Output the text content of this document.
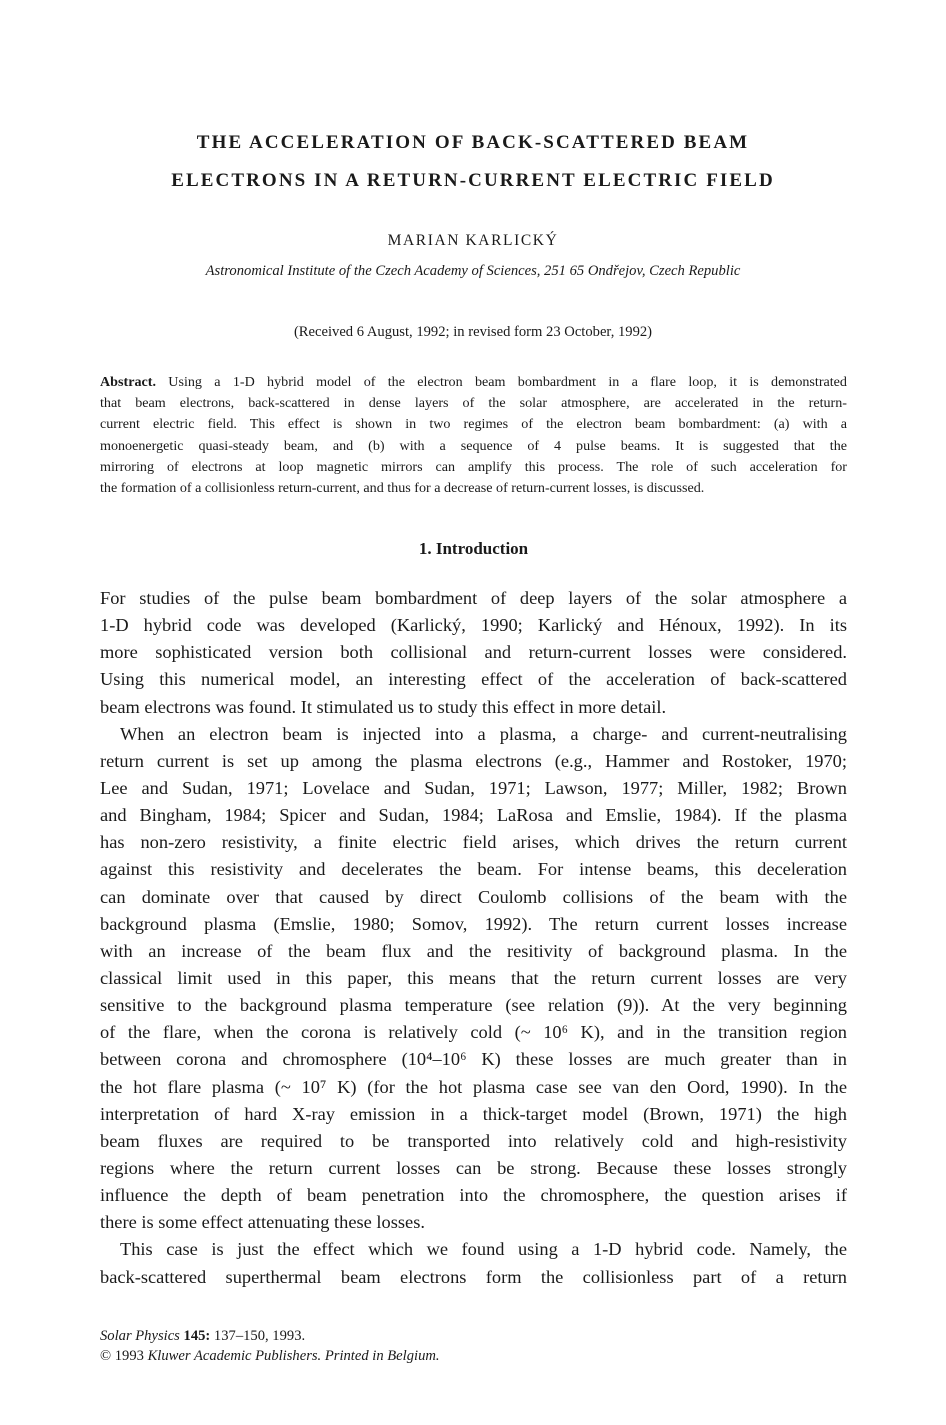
THE ACCELERATION OF BACK-SCATTERED BEAM
ELECTRONS IN A RETURN-CURRENT ELECTRIC FIELD
MARIAN KARLICKÝ
Astronomical Institute of the Czech Academy of Sciences, 251 65 Ondřejov, Czech Republic
(Received 6 August, 1992; in revised form 23 October, 1992)
Abstract. Using a 1-D hybrid model of the electron beam bombardment in a flare loop, it is demonstrated
that beam electrons, back-scattered in dense layers of the solar atmosphere, are accelerated in the return-
current electric field. This effect is shown in two regimes of the electron beam bombardment: (a) with a
monoenergetic quasi-steady beam, and (b) with a sequence of 4 pulse beams. It is suggested that the
mirroring of electrons at loop magnetic mirrors can amplify this process. The role of such acceleration for
the formation of a collisionless return-current, and thus for a decrease of return-current losses, is discussed.
1. Introduction
For studies of the pulse beam bombardment of deep layers of the solar atmosphere a
1-D hybrid code was developed (Karlický, 1990; Karlický and Hénoux, 1992). In its
more sophisticated version both collisional and return-current losses were considered.
Using this numerical model, an interesting effect of the acceleration of back-scattered
beam electrons was found. It stimulated us to study this effect in more detail.
When an electron beam is injected into a plasma, a charge- and current-neutralising
return current is set up among the plasma electrons (e.g., Hammer and Rostoker, 1970;
Lee and Sudan, 1971; Lovelace and Sudan, 1971; Lawson, 1977; Miller, 1982; Brown
and Bingham, 1984; Spicer and Sudan, 1984; LaRosa and Emslie, 1984). If the plasma
has non-zero resistivity, a finite electric field arises, which drives the return current
against this resistivity and decelerates the beam. For intense beams, this deceleration
can dominate over that caused by direct Coulomb collisions of the beam with the
background plasma (Emslie, 1980; Somov, 1992). The return current losses increase
with an increase of the beam flux and the resitivity of background plasma. In the
classical limit used in this paper, this means that the return current losses are very
sensitive to the background plasma temperature (see relation (9)). At the very beginning
of the flare, when the corona is relatively cold (~ 10⁶ K), and in the transition region
between corona and chromosphere (10⁴–10⁶ K) these losses are much greater than in
the hot flare plasma (~ 10⁷ K) (for the hot plasma case see van den Oord, 1990). In the
interpretation of hard X-ray emission in a thick-target model (Brown, 1971) the high
beam fluxes are required to be transported into relatively cold and high-resistivity
regions where the return current losses can be strong. Because these losses strongly
influence the depth of beam penetration into the chromosphere, the question arises if
there is some effect attenuating these losses.
This case is just the effect which we found using a 1-D hybrid code. Namely, the
back-scattered superthermal beam electrons form the collisionless part of a return
Solar Physics 145: 137–150, 1993.
© 1993 Kluwer Academic Publishers. Printed in Belgium.
